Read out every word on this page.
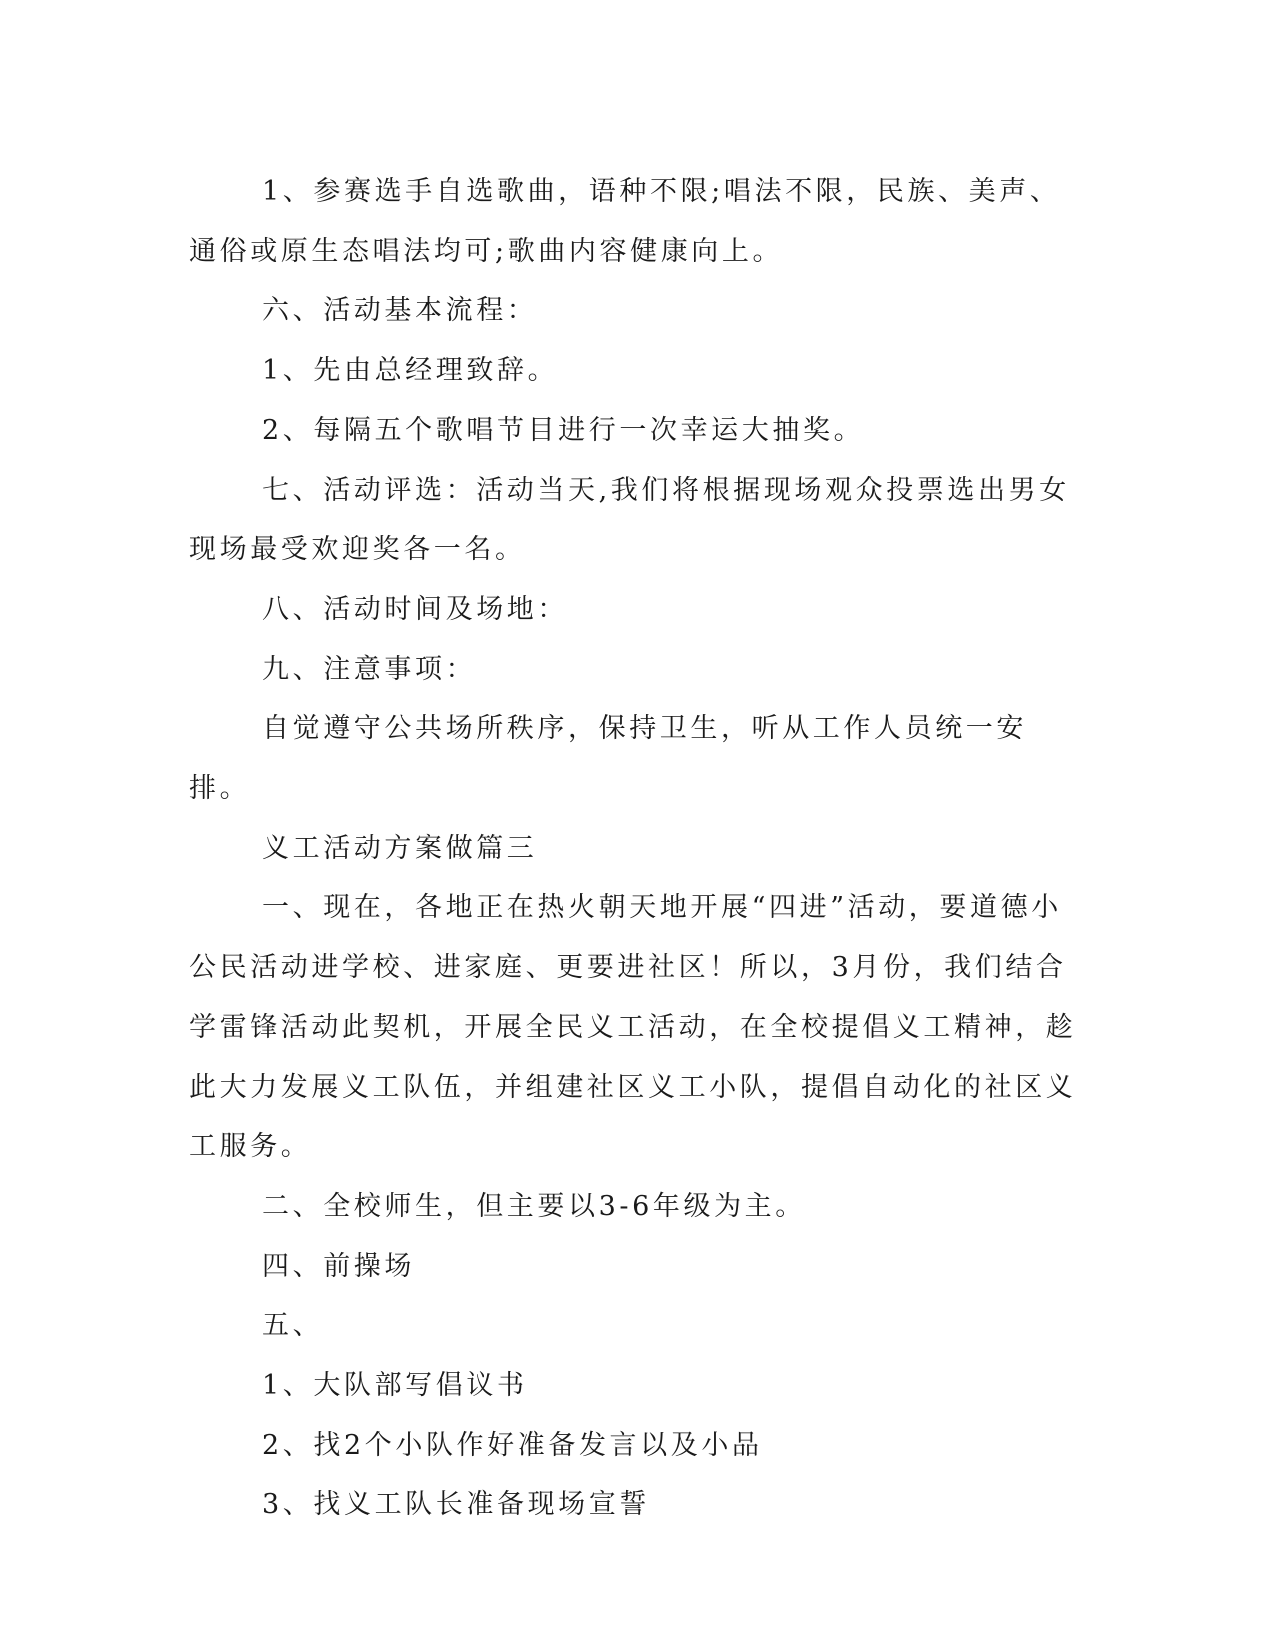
1、参赛选手自选歌曲，语种不限;唱法不限，民族、美声、通俗或原生态唱法均可;歌曲内容健康向上。

六、活动基本流程：

1、先由总经理致辞。

2、每隔五个歌唱节目进行一次幸运大抽奖。

七、活动评选：活动当天,我们将根据现场观众投票选出男女现场最受欢迎奖各一名。

八、活动时间及场地：

九、注意事项：

自觉遵守公共场所秩序，保持卫生，听从工作人员统一安排。

义工活动方案做篇三

一、现在，各地正在热火朝天地开展“四进”活动，要道德小公民活动进学校、进家庭、更要进社区！所以，3月份，我们结合学雷锋活动此契机，开展全民义工活动，在全校提倡义工精神，趁此大力发展义工队伍，并组建社区义工小队，提倡自动化的社区义工服务。

二、全校师生，但主要以3-6年级为主。

四、前操场

五、

1、大队部写倡议书

2、找2个小队作好准备发言以及小品

3、找义工队长准备现场宣誓
